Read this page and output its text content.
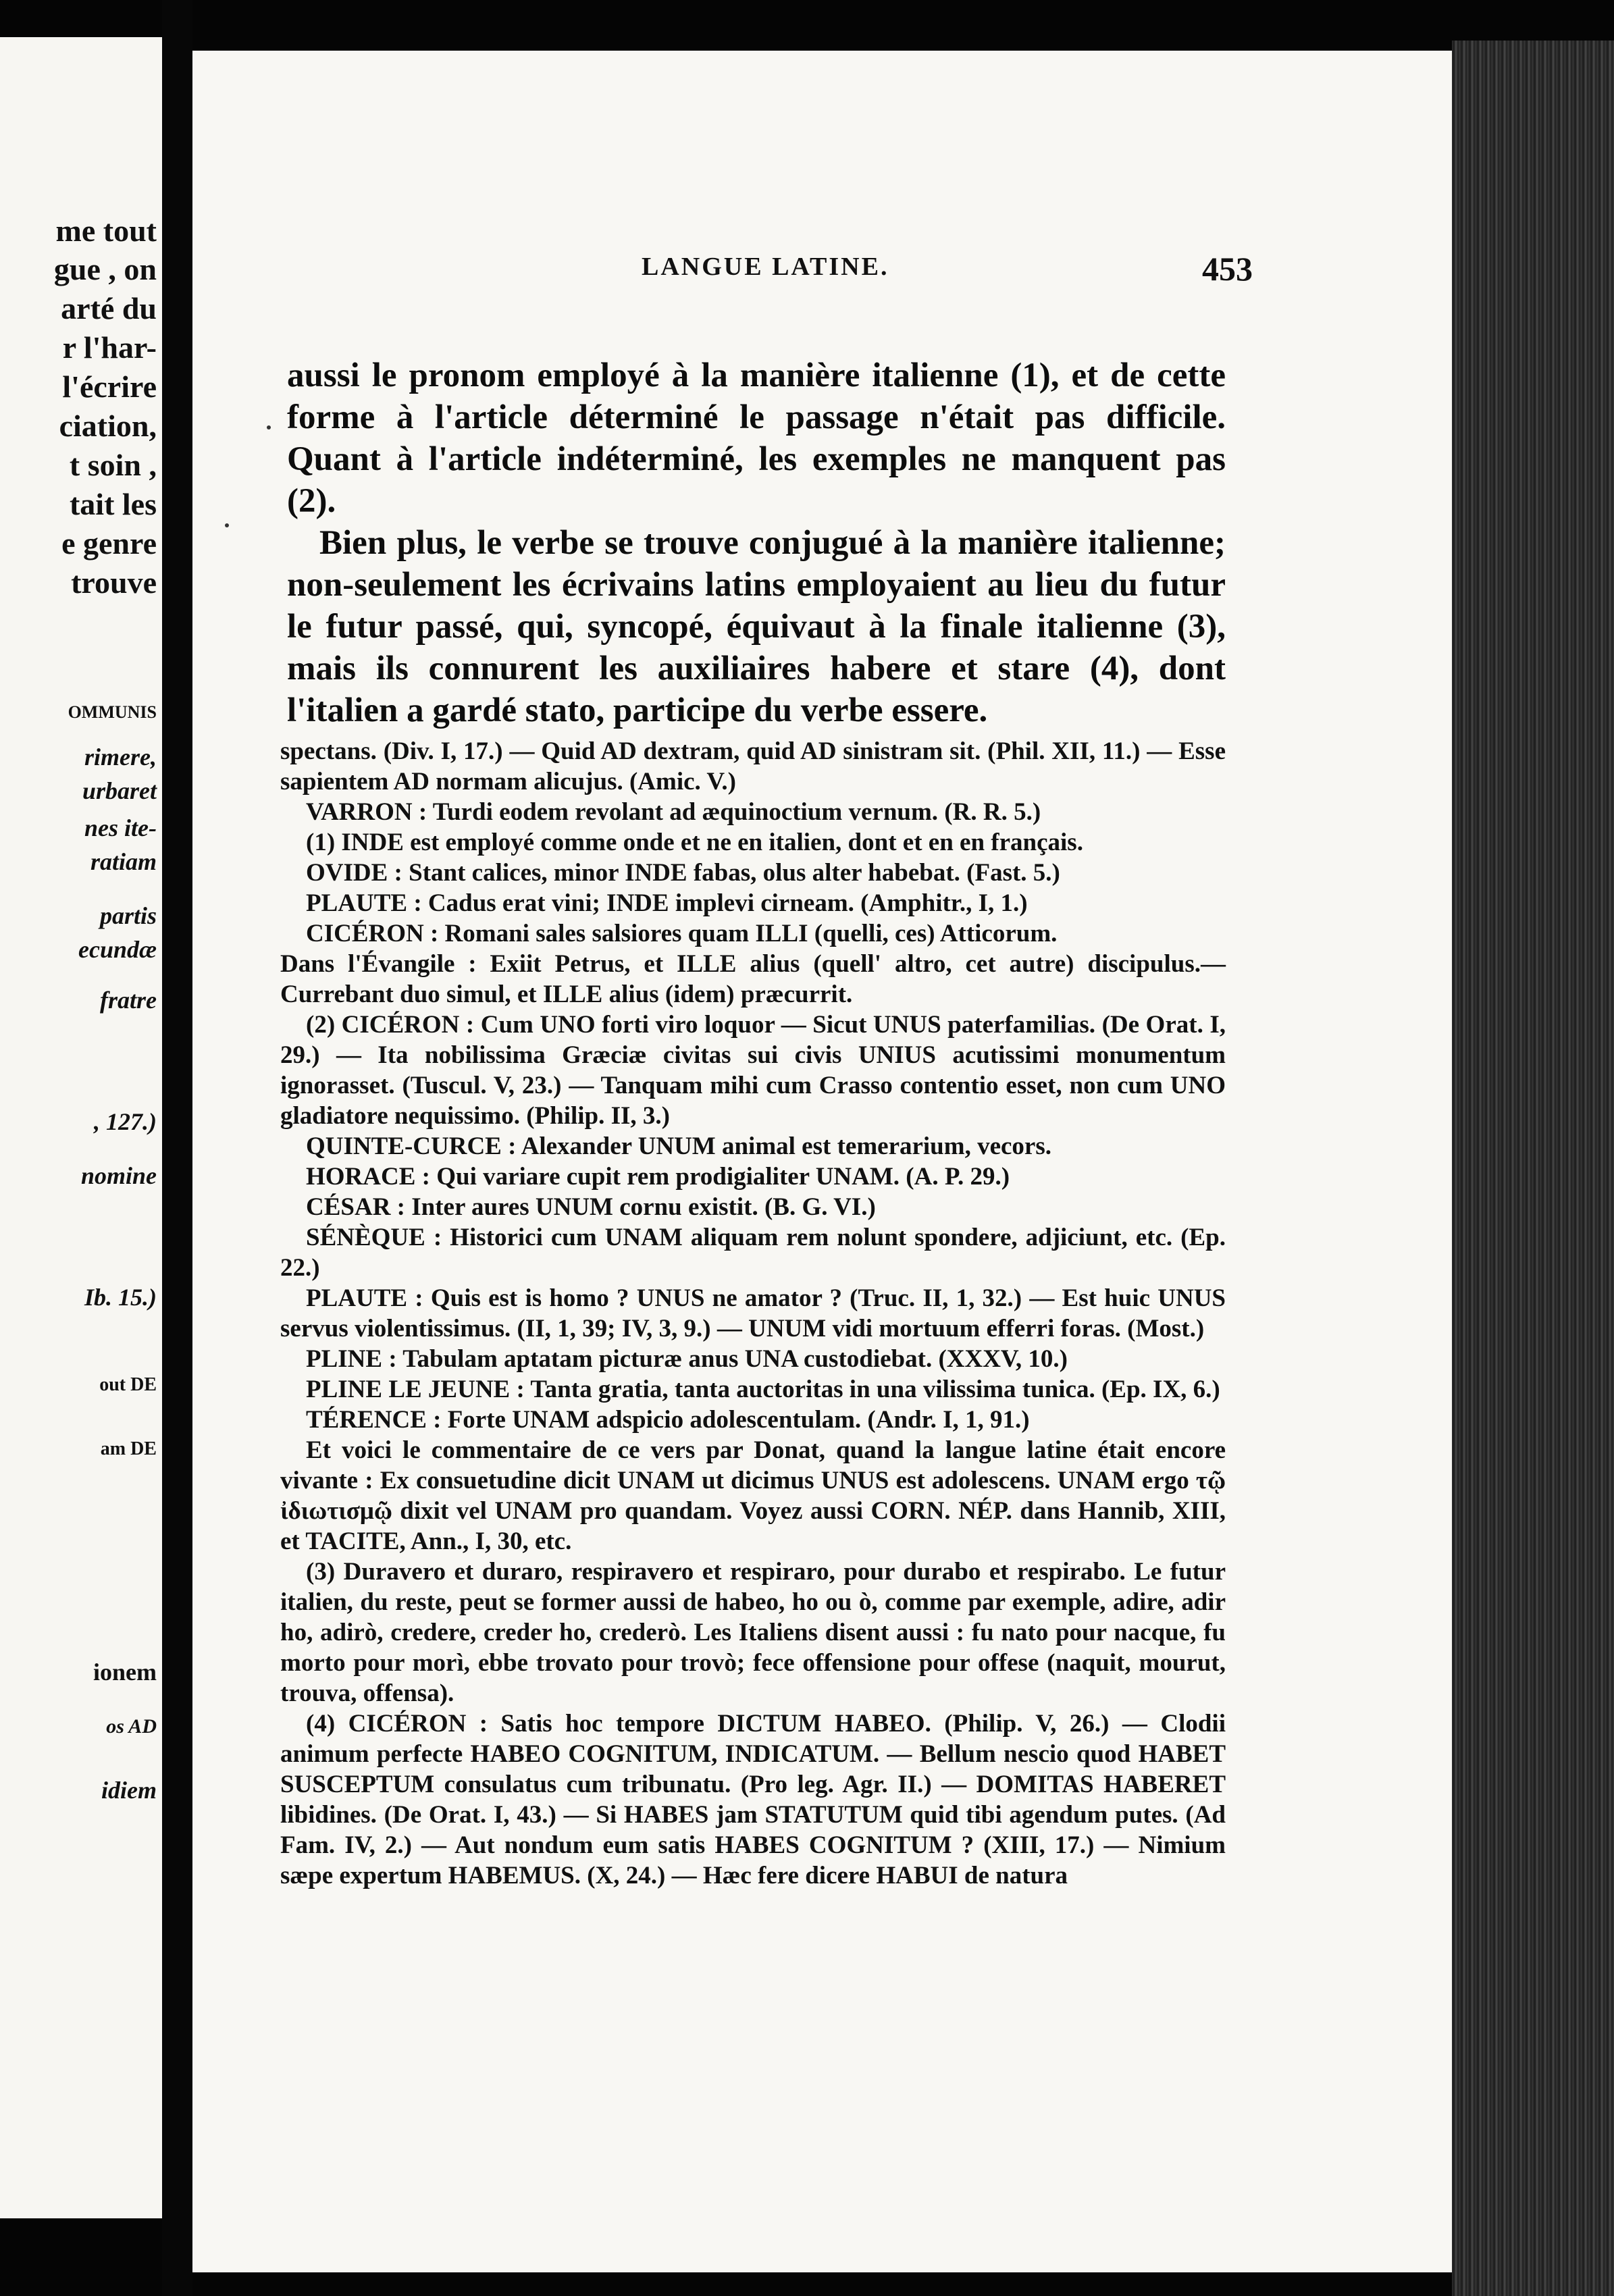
me tout
gue , on
arté du
r l'har-
l'écrire
ciation,
t soin ,
tait les
e genre
trouve
OMMUNIS
rimere,
urbaret
nes ite-
ratiam
partis
ecundæ
fratre
, 127.)
nomine
Ib. 15.)
out DE
am DE
ionem
os AD
idiem
LANGUE LATINE.	453

aussi le pronom employé à la manière italienne (1), et de cette forme à l'article déterminé le passage n'était pas difficile. Quant à l'article indéterminé, les exemples ne manquent pas (2).

Bien plus, le verbe se trouve conjugué à la manière italienne; non-seulement les écrivains latins employaient au lieu du futur le futur passé, qui, syncopé, équivaut à la finale italienne (3), mais ils connurent les auxiliaires habere et stare (4), dont l'italien a gardé stato, participe du verbe essere.

spectans. (Div. I, 17.) — Quid AD dextram, quid AD sinistram sit. (Phil. XII, 11.) — Esse sapientem AD normam alicujus. (Amic. V.)

VARRON : Turdi eodem revolant ad æquinoctium vernum. (R. R. 5.)

(1) INDE est employé comme onde et ne en italien, dont et en en français.

OVIDE : Stant calices, minor INDE fabas, olus alter habebat. (Fast. 5.)

PLAUTE : Cadus erat vini; INDE implevi cirneam. (Amphitr., I, 1.)

CICÉRON : Romani sales salsiores quam ILLI (quelli, ces) Atticorum.

Dans l'Évangile : Exiit Petrus, et ILLE alius (quell' altro, cet autre) discipulus.— Currebant duo simul, et ILLE alius (idem) præcurrit.

(2) CICÉRON : Cum UNO forti viro loquor — Sicut UNUS paterfamilias. (De Orat. I, 29.) — Ita nobilissima Græciæ civitas sui civis UNIUS acutissimi monumentum ignorasset. (Tuscul. V, 23.) — Tanquam mihi cum Crasso contentio esset, non cum UNO gladiatore nequissimo. (Philip. II, 3.)

QUINTE-CURCE : Alexander UNUM animal est temerarium, vecors.

HORACE : Qui variare cupit rem prodigialiter UNAM. (A. P. 29.)

CÉSAR : Inter aures UNUM cornu existit. (B. G. VI.)

SÉNÈQUE : Historici cum UNAM aliquam rem nolunt spondere, adjiciunt, etc. (Ep. 22.)

PLAUTE : Quis est is homo ? UNUS ne amator ? (Truc. II, 1, 32.) — Est huic UNUS servus violentissimus. (II, 1, 39; IV, 3, 9.) — UNUM vidi mortuum efferri foras. (Most.)

PLINE : Tabulam aptatam picturæ anus UNA custodiebat. (XXXV, 10.)

PLINE LE JEUNE : Tanta gratia, tanta auctoritas in una vilissima tunica. (Ep. IX, 6.)

TÉRENCE : Forte UNAM adspicio adolescentulam. (Andr. I, 1, 91.)

Et voici le commentaire de ce vers par Donat, quand la langue latine était encore vivante : Ex consuetudine dicit UNAM ut dicimus UNUS est adolescens. UNAM ergo τῷ ἰδιωτισμῷ dixit vel UNAM pro quandam. Voyez aussi CORN. NÉP. dans Hannib, XIII, et TACITE, Ann., I, 30, etc.

(3) Duravero et duraro, respiravero et respiraro, pour durabo et respirabo. Le futur italien, du reste, peut se former aussi de habeo, ho ou ò, comme par exemple, adire, adir ho, adirò, credere, creder ho, crederò. Les Italiens disent aussi : fu nato pour nacque, fu morto pour morì, ebbe trovato pour trovò; fece offensione pour offese (naquit, mourut, trouva, offensa).

(4) CICÉRON : Satis hoc tempore DICTUM HABEO. (Philip. V, 26.) — Clodii animum perfecte HABEO COGNITUM, INDICATUM. — Bellum nescio quod HABET SUSCEPTUM consulatus cum tribunatu. (Pro leg. Agr. II.) — DOMITAS HABERET libidines. (De Orat. I, 43.) — Si HABES jam STATUTUM quid tibi agendum putes. (Ad Fam. IV, 2.) — Aut nondum eum satis HABES COGNITUM ? (XIII, 17.) — Nimium sæpe expertum HABEMUS. (X, 24.) — Hæc fere dicere HABUI de natura
